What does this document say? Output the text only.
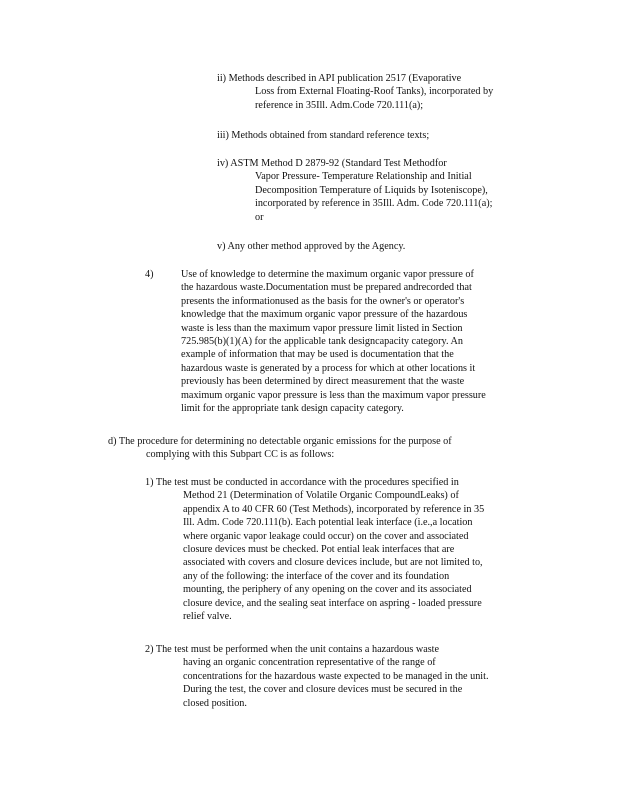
ii) Methods described in API publication 2517 (Evaporative
Loss from External Floating-Roof Tanks), incorporated by
reference in 35Ill. Adm.Code 720.111(a);
iii) Methods obtained from standard reference texts;
iv) ASTM Method D 2879-92 (Standard Test Methodfor
Vapor Pressure- Temperature Relationship and Initial
Decomposition Temperature of Liquids by Isoteniscope),
incorporated by reference in 35Ill. Adm. Code 720.111(a);
or
v) Any other method approved by the Agency.
4)	Use of knowledge to determine the maximum organic vapor pressure of
the hazardous waste.Documentation must be prepared andrecorded that
presents the informationused as the basis for the owner's or operator's
knowledge that the maximum organic vapor pressure of the hazardous
waste is less than the maximum vapor pressure limit listed in Section
725.985(b)(1)(A) for the applicable tank designcapacity category. An
example of information that may be used is documentation that the
hazardous waste is generated by a process for which at other locations it
previously has been determined by direct measurement that the waste
maximum organic vapor pressure is less than the maximum vapor pressure
limit for the appropriate tank design capacity category.
d) The procedure for determining no detectable organic emissions for the purpose of
complying with this Subpart CC is as follows:
1) The test must be conducted in accordance with the procedures specified in
Method 21 (Determination of Volatile Organic CompoundLeaks) of
appendix A to 40 CFR 60 (Test Methods), incorporated by reference in 35
Ill. Adm. Code 720.111(b). Each potential leak interface (i.e.,a location
where organic vapor leakage could occur) on the cover and associated
closure devices must be checked. Pot ential leak interfaces that are
associated with covers and closure devices include, but are not limited to,
any of the following: the interface of the cover and its foundation
mounting, the periphery of any opening on the cover and its associated
closure device, and the sealing seat interface on aspring - loaded pressure
relief valve.
2) The test must be performed when the unit contains a hazardous waste
having an organic concentration representative of the range of
concentrations for the hazardous waste expected to be managed in the unit.
During the test, the cover and closure devices must be secured in the
closed position.
